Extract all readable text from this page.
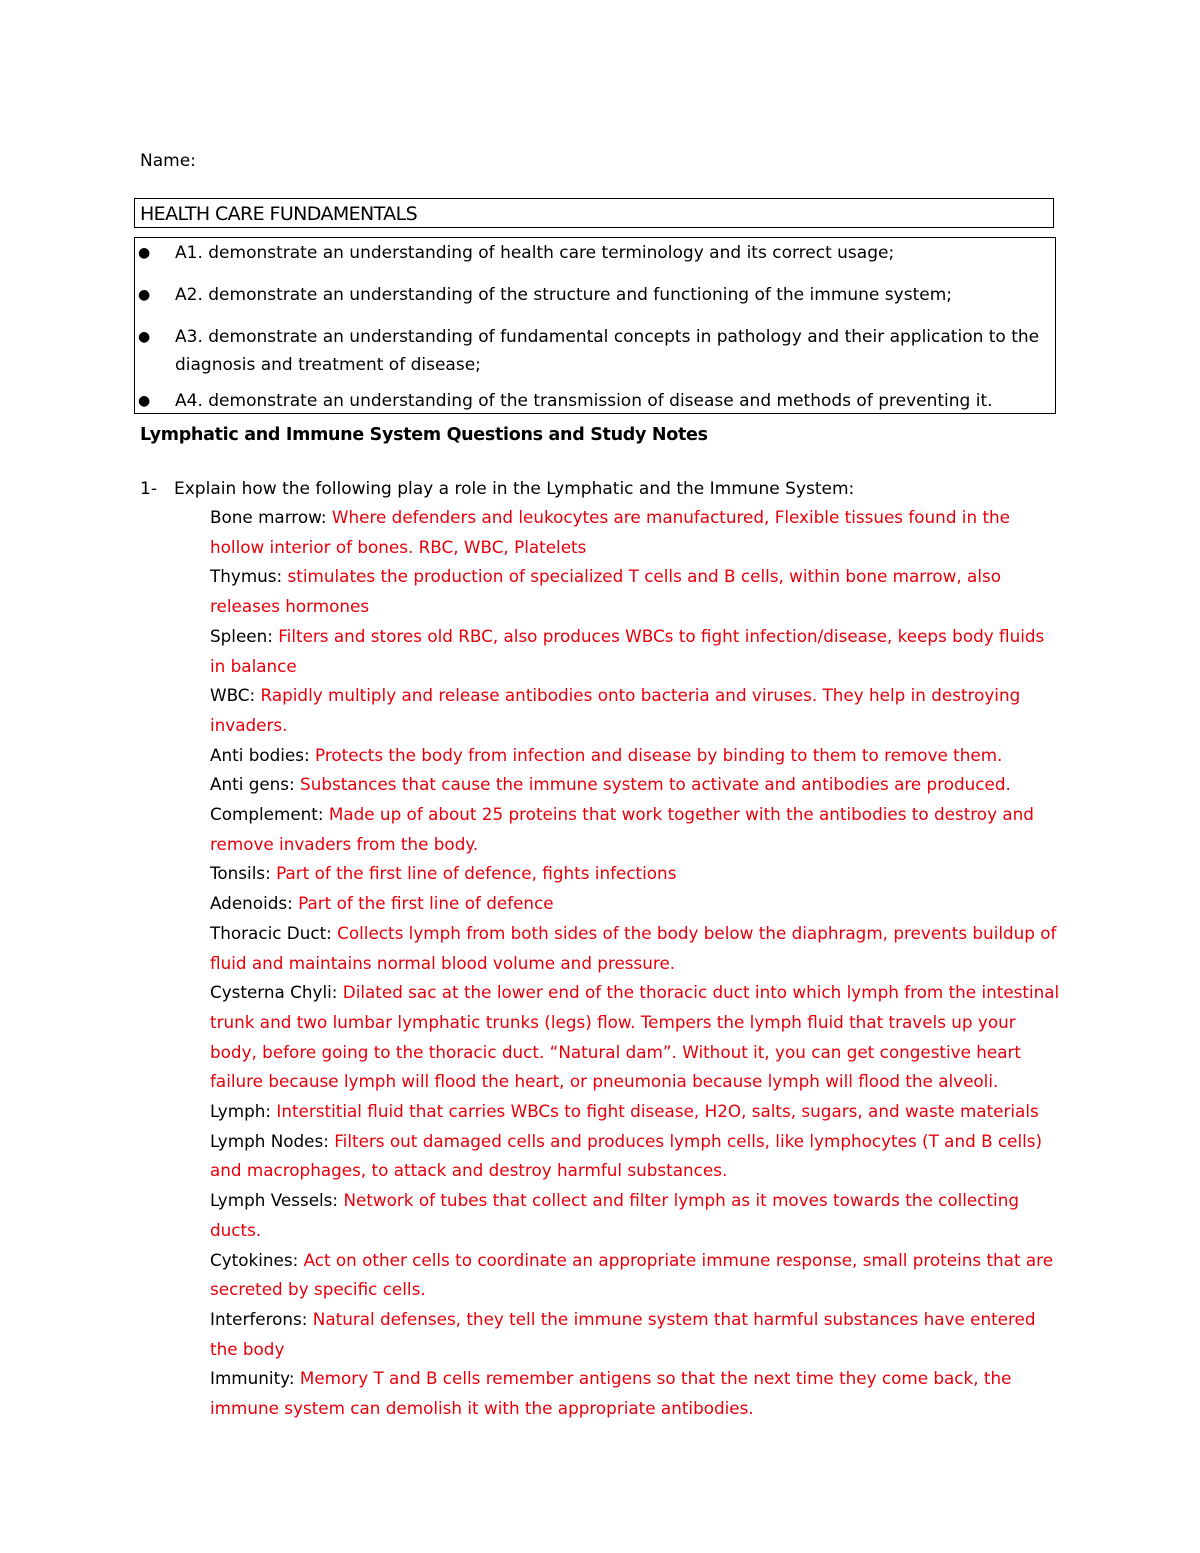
Name:
HEALTH CARE FUNDAMENTALS
● A1. demonstrate an understanding of health care terminology and its correct usage;
● A2. demonstrate an understanding of the structure and functioning of the immune system;
● A3. demonstrate an understanding of fundamental concepts in pathology and their application to the diagnosis and treatment of disease;
● A4. demonstrate an understanding of the transmission of disease and methods of preventing it.
Lymphatic and Immune System Questions and Study Notes
1- Explain how the following play a role in the Lymphatic and the Immune System:

Bone marrow: Where defenders and leukocytes are manufactured, Flexible tissues found in the hollow interior of bones. RBC, WBC, Platelets

Thymus: stimulates the production of specialized T cells and B cells, within bone marrow, also releases hormones

Spleen: Filters and stores old RBC, also produces WBCs to fight infection/disease, keeps body fluids in balance

WBC: Rapidly multiply and release antibodies onto bacteria and viruses. They help in destroying invaders.

Anti bodies: Protects the body from infection and disease by binding to them to remove them.

Anti gens: Substances that cause the immune system to activate and antibodies are produced.

Complement: Made up of about 25 proteins that work together with the antibodies to destroy and remove invaders from the body.

Tonsils: Part of the first line of defence, fights infections

Adenoids: Part of the first line of defence

Thoracic Duct: Collects lymph from both sides of the body below the diaphragm, prevents buildup of fluid and maintains normal blood volume and pressure.

Cysterna Chyli: Dilated sac at the lower end of the thoracic duct into which lymph from the intestinal trunk and two lumbar lymphatic trunks (legs) flow. Tempers the lymph fluid that travels up your body, before going to the thoracic duct. “Natural dam”. Without it, you can get congestive heart failure because lymph will flood the heart, or pneumonia because lymph will flood the alveoli.

Lymph: Interstitial fluid that carries WBCs to fight disease, H2O, salts, sugars, and waste materials

Lymph Nodes: Filters out damaged cells and produces lymph cells, like lymphocytes (T and B cells) and macrophages, to attack and destroy harmful substances.

Lymph Vessels: Network of tubes that collect and filter lymph as it moves towards the collecting ducts.

Cytokines: Act on other cells to coordinate an appropriate immune response, small proteins that are secreted by specific cells.

Interferons: Natural defenses, they tell the immune system that harmful substances have entered the body

Immunity: Memory T and B cells remember antigens so that the next time they come back, the immune system can demolish it with the appropriate antibodies.
